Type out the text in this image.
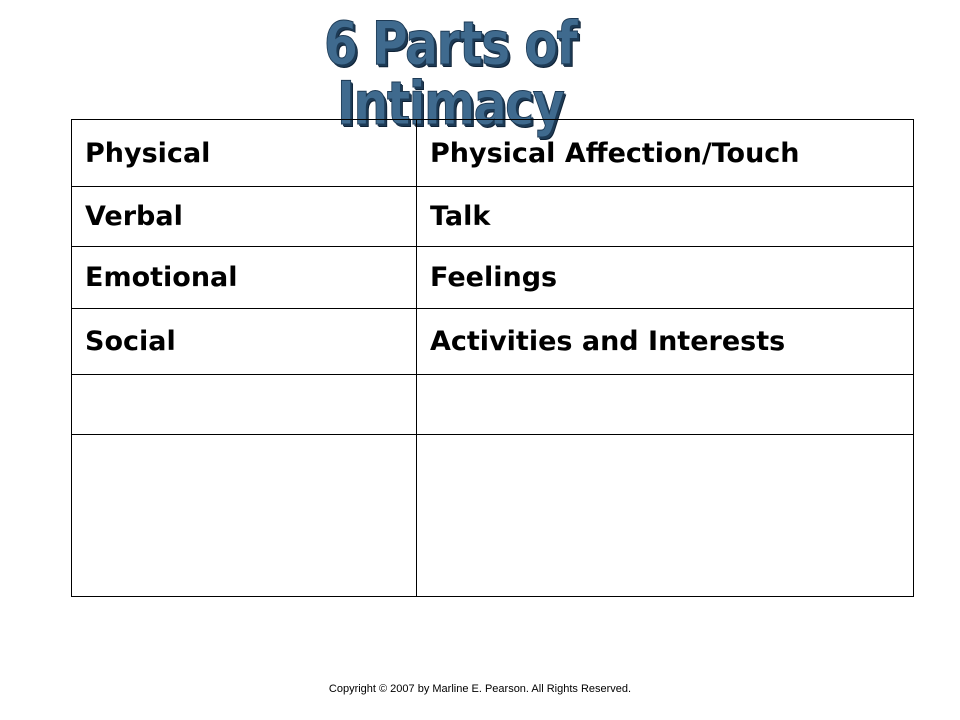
6 Parts of Intimacy
Physical	Physical Affection/Touch
Verbal	Talk
Emotional	Feelings
Social	Activities and Interests

Copyright © 2007 by Marline E. Pearson. All Rights Reserved.
